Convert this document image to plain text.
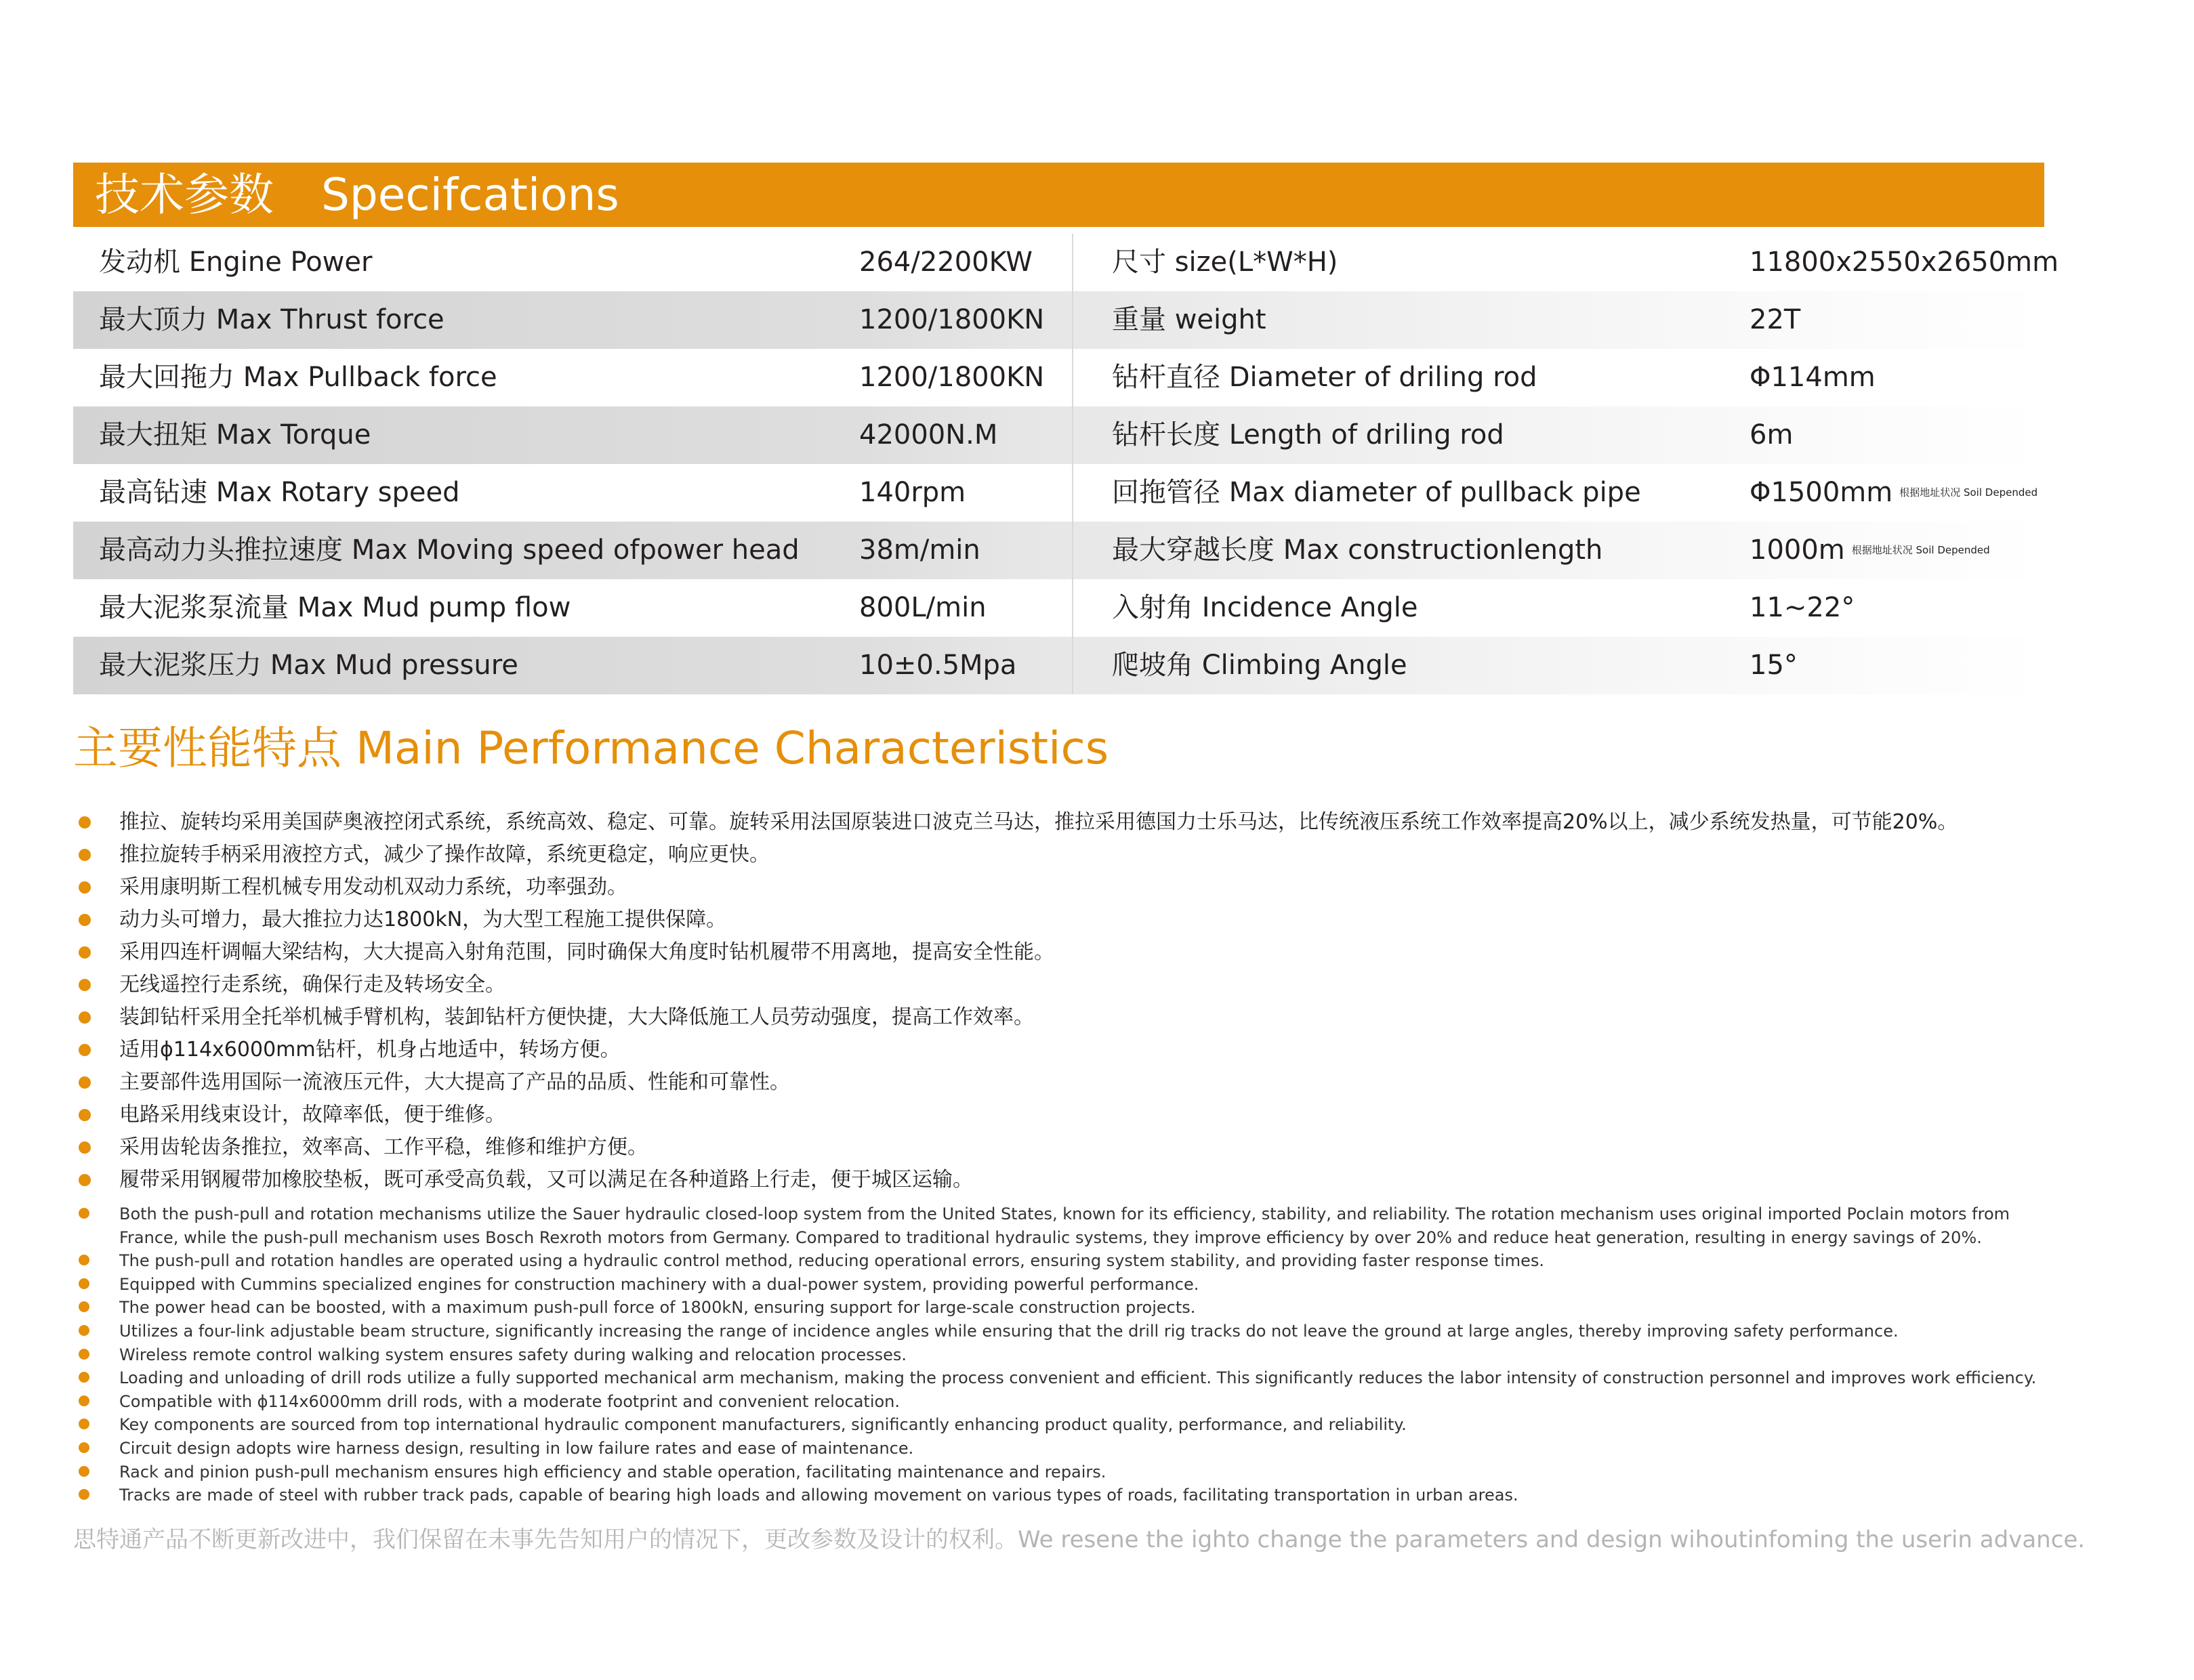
技术参数 Specifcations
发动机 Engine Power	264/2200KW	尺寸 size(L*W*H)	11800x2550x2650mm
最大顶力 Max Thrust force	1200/1800KN 重量 weight	22T
最大回拖力 Max Pullback force	1200/1800KN 钻杆直径 Diameter of driling rod	Φ114mm
最大扭矩 Max Torque	42000N.M	钻杆长度 Length of driling rod	6m
最高钻速 Max Rotary speed	140rpm	回拖管径 Max diameter of pullback pipe	Φ1500mm 根据地址状况 Soil Depended
最高动力头推拉速度 Max Moving speed ofpower head 38m/min	最大穿越长度 Max constructionlength	1000m 根据地址状况 Soil Depended
最大泥浆泵流量 Max Mud pump flow	800L/min	入射角 Incidence Angle	11~22°
最大泥浆压力 Max Mud pressure	10±0.5Mpa	爬坡角 Climbing Angle	15°
主要性能特点 Main Performance Characteristics
推拉、旋转均采用美国萨奥液控闭式系统，系统高效、稳定、可靠。旋转采用法国原装进口波克兰马达，推拉采用德国力士乐马达，比传统液压系统工作效率提高20%以上，减少系统发热量，可节能20%。
推拉旋转手柄采用液控方式，减少了操作故障，系统更稳定，响应更快。
采用康明斯工程机械专用发动机双动力系统，功率强劲。
动力头可增力，最大推拉力达1800kN，为大型工程施工提供保障。
采用四连杆调幅大梁结构，大大提高入射角范围，同时确保大角度时钻机履带不用离地，提高安全性能。
无线遥控行走系统，确保行走及转场安全。
装卸钻杆采用全托举机械手臂机构，装卸钻杆方便快捷，大大降低施工人员劳动强度，提高工作效率。
适用ϕ114x6000mm钻杆，机身占地适中，转场方便。
主要部件选用国际一流液压元件，大大提高了产品的品质、性能和可靠性。
电路采用线束设计，故障率低，便于维修。
采用齿轮齿条推拉，效率高、工作平稳，维修和维护方便。
履带采用钢履带加橡胶垫板，既可承受高负载，又可以满足在各种道路上行走，便于城区运输。
Both the push-pull and rotation mechanisms utilize the Sauer hydraulic closed-loop system from the United States, known for its efficiency, stability, and reliability. The rotation mechanism uses original imported Poclain motors from France, while the push-pull mechanism uses Bosch Rexroth motors from Germany. Compared to traditional hydraulic systems, they improve efficiency by over 20% and reduce heat generation, resulting in energy savings of 20%.
The push-pull and rotation handles are operated using a hydraulic control method, reducing operational errors, ensuring system stability, and providing faster response times.
Equipped with Cummins specialized engines for construction machinery with a dual-power system, providing powerful performance.
The power head can be boosted, with a maximum push-pull force of 1800kN, ensuring support for large-scale construction projects.
Utilizes a four-link adjustable beam structure, significantly increasing the range of incidence angles while ensuring that the drill rig tracks do not leave the ground at large angles, thereby improving safety performance.
Wireless remote control walking system ensures safety during walking and relocation processes.
Loading and unloading of drill rods utilize a fully supported mechanical arm mechanism, making the process convenient and efficient. This significantly reduces the labor intensity of construction personnel and improves work efficiency.
Compatible with ϕ114x6000mm drill rods, with a moderate footprint and convenient relocation.
Key components are sourced from top international hydraulic component manufacturers, significantly enhancing product quality, performance, and reliability.
Circuit design adopts wire harness design, resulting in low failure rates and ease of maintenance.
Rack and pinion push-pull mechanism ensures high efficiency and stable operation, facilitating maintenance and repairs.
Tracks are made of steel with rubber track pads, capable of bearing high loads and allowing movement on various types of roads, facilitating transportation in urban areas.
思特通产品不断更新改进中，我们保留在未事先告知用户的情况下，更改参数及设计的权利。We resene the ighto change the parameters and design wihoutinfoming the userin advance.
